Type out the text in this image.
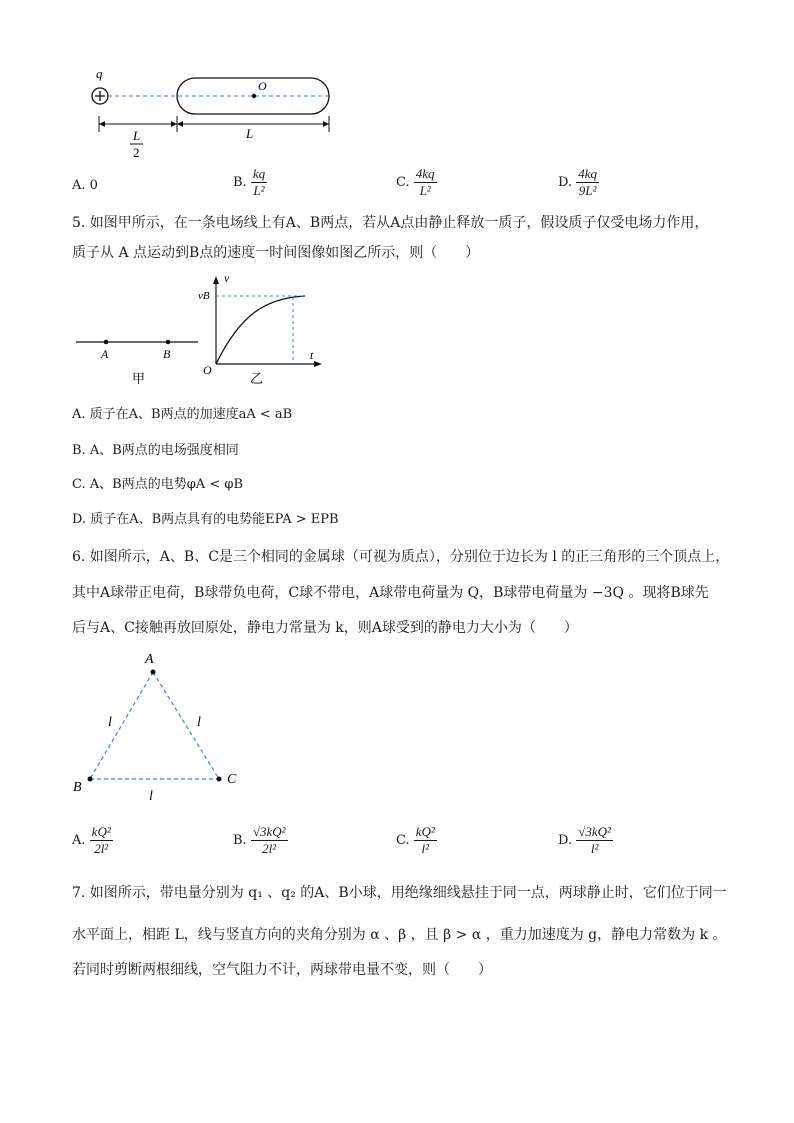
q
O
L
2
L
A. 0	B. $\frac{kq}{\text{L²}}$	C. $\frac{4kq}{\text{L²}}$	D. $\frac{4kq}{\text{9L²}}$
5. 如图甲所示，在一条电场线上有A、B两点，若从A点由静止释放一质子，假设质子仅受电场力作用，
质子从 A 点运动到B点的速度一时间图像如图乙所示，则（　　）
A	B
甲
v
vB
t
O
乙
A. 质子在A、B两点的加速度aA < aB
B. A、B两点的电场强度相同
C. A、B两点的电势φA < φB
D. 质子在A、B两点具有的电势能EPA > EPB
6. 如图所示，A、B、C是三个相同的金属球（可视为质点），分别位于边长为 l 的正三角形的三个顶点上，
其中A球带正电荷，B球带负电荷，C球不带电，A球带电荷量为 Q，B球带电荷量为 −3Q 。现将B球先
后与A、C接触再放回原处，静电力常量为 k，则A球受到的静电力大小为（　　）
A
B
C
l	l
l
A. $\frac{\text{kQ²}}{\text{2l²}}$	B. $\frac{\text{√3kQ²}}{\text{2l²}}$	C. $\frac{\text{kQ²}}{\text{l²}}$	D. $\frac{\text{√3kQ²}}{\text{l²}}$
7. 如图所示，带电量分别为 q₁ 、q₂ 的A、B小球，用绝缘细线悬挂于同一点，两球静止时，它们位于同一
水平面上，相距 L，线与竖直方向的夹角分别为 α 、β ，且 β > α ，重力加速度为 g，静电力常数为 k 。
若同时剪断两根细线，空气阻力不计，两球带电量不变，则（　　）
